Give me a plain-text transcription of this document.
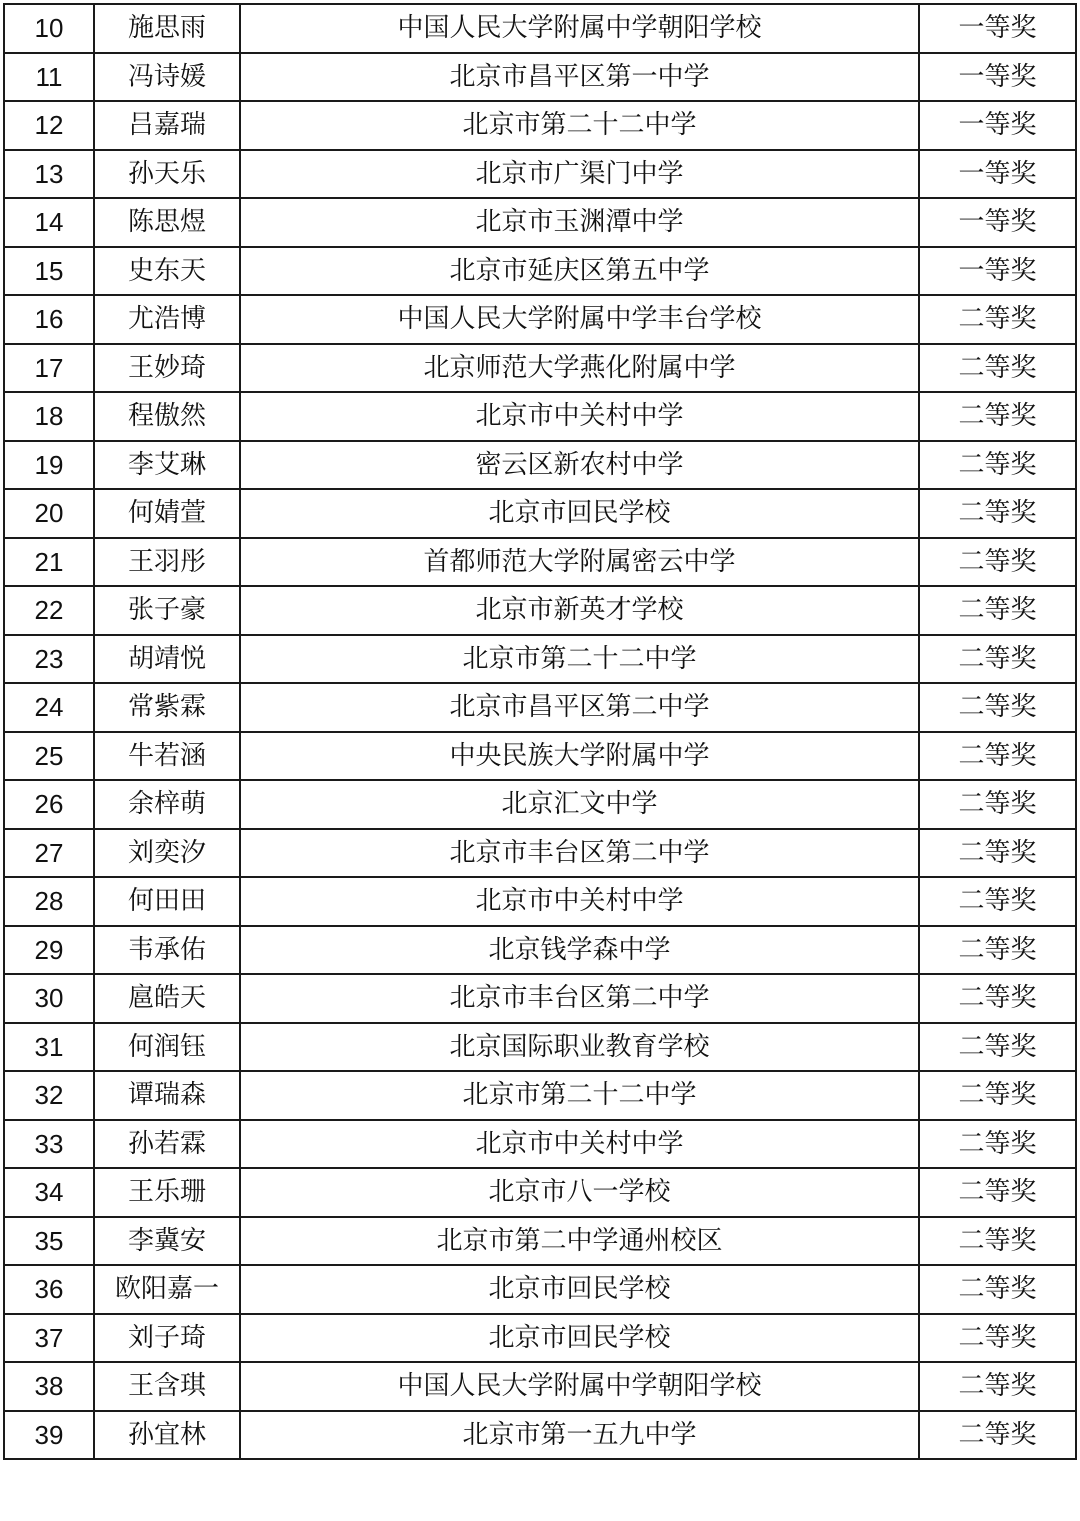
10	施思雨	中国人民大学附属中学朝阳学校	一等奖
11	冯诗媛	北京市昌平区第一中学	一等奖
12	吕嘉瑞	北京市第二十二中学	一等奖
13	孙天乐	北京市广渠门中学	一等奖
14	陈思煜	北京市玉渊潭中学	一等奖
15	史东天	北京市延庆区第五中学	一等奖
16	尤浩博	中国人民大学附属中学丰台学校	二等奖
17	王妙琦	北京师范大学燕化附属中学	二等奖
18	程傲然	北京市中关村中学	二等奖
19	李艾琳	密云区新农村中学	二等奖
20	何婧萱	北京市回民学校	二等奖
21	王羽彤	首都师范大学附属密云中学	二等奖
22	张子豪	北京市新英才学校	二等奖
23	胡靖悦	北京市第二十二中学	二等奖
24	常紫霖	北京市昌平区第二中学	二等奖
25	牛若涵	中央民族大学附属中学	二等奖
26	余梓萌	北京汇文中学	二等奖
27	刘奕汐	北京市丰台区第二中学	二等奖
28	何田田	北京市中关村中学	二等奖
29	韦承佑	北京钱学森中学	二等奖
30	扈皓天	北京市丰台区第二中学	二等奖
31	何润钰	北京国际职业教育学校	二等奖
32	谭瑞森	北京市第二十二中学	二等奖
33	孙若霖	北京市中关村中学	二等奖
34	王乐珊	北京市八一学校	二等奖
35	李冀安	北京市第二中学通州校区	二等奖
36	欧阳嘉一	北京市回民学校	二等奖
37	刘子琦	北京市回民学校	二等奖
38	王含琪	中国人民大学附属中学朝阳学校	二等奖
39	孙宜林	北京市第一五九中学	二等奖
